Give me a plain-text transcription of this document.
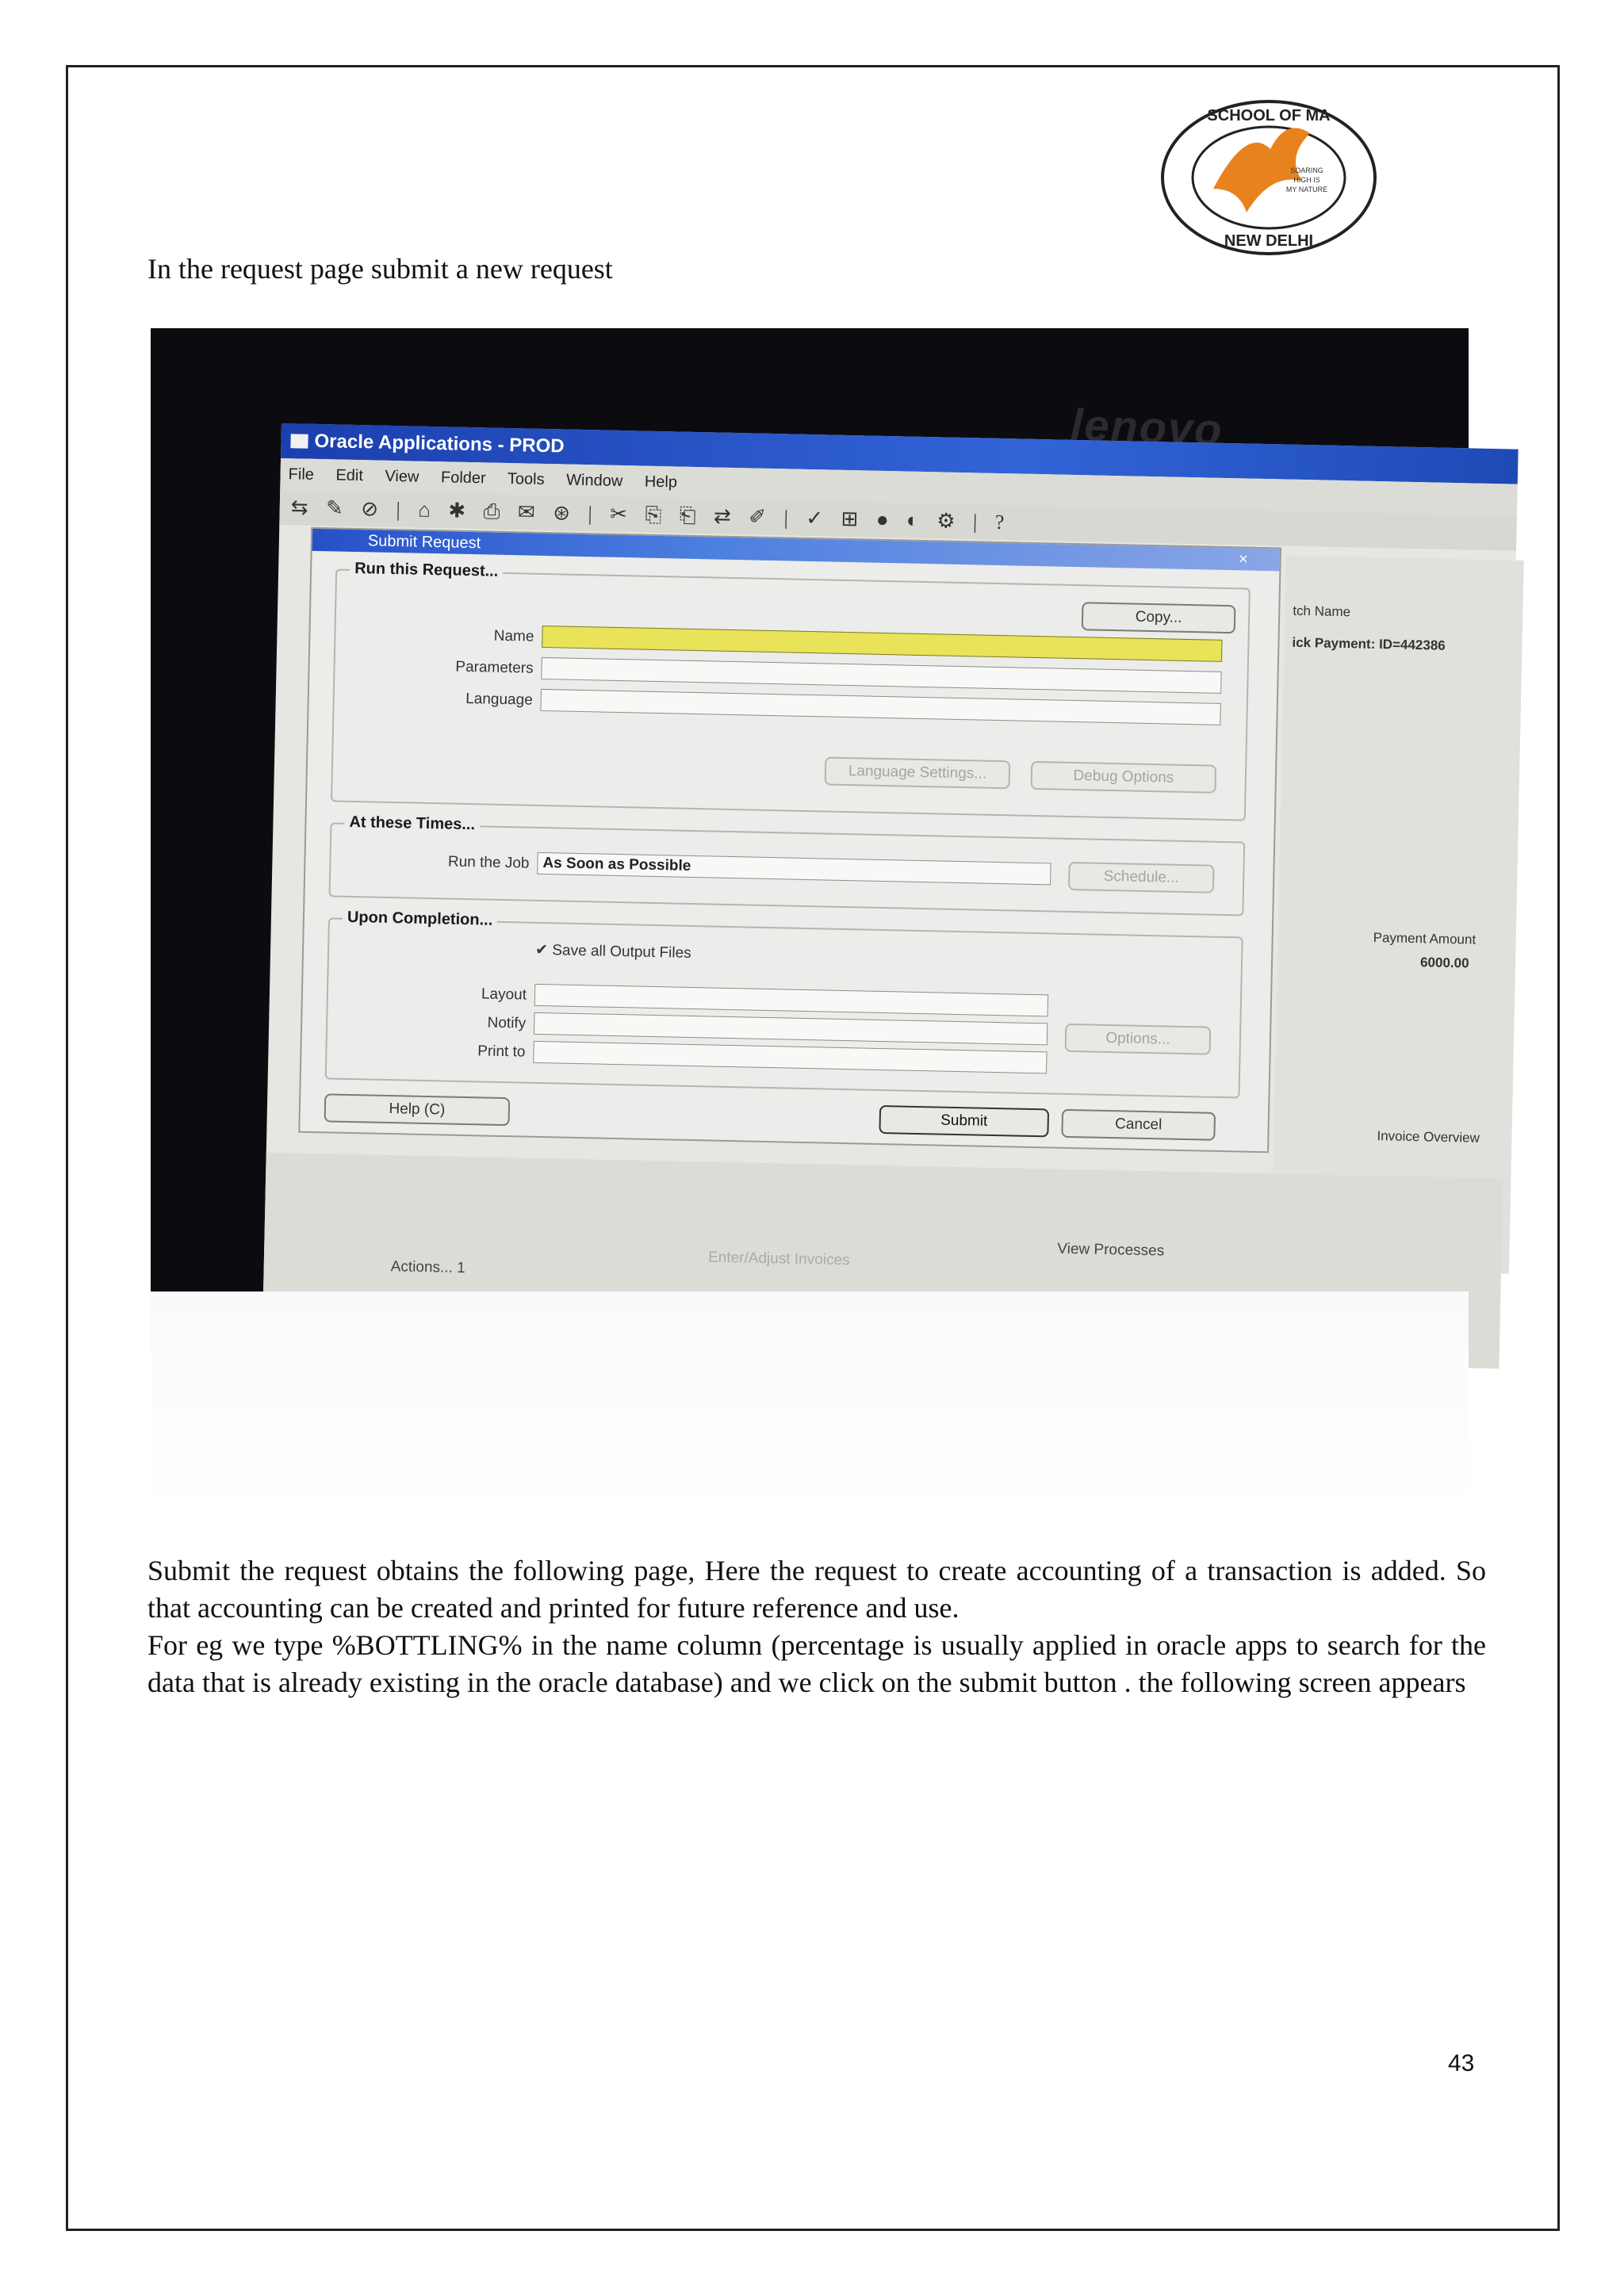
SCHOOL OF MA
NEW DELHI
SOARING
HIGH IS
MY NATURE
In the request page submit a new request
lenovo
Oracle Applications - PROD
File Edit View Folder Tools Window Help
⇆ ✎ ⊘ | ⌂ ✱ ⎙ ✉ ⊛ | ✂ ⎘ ⎗ ⇄ ✐ | ✓ ⊞ ● ◐ ⚙ | ?
Submit Request
×
Run this Request...
Copy...
Name
Parameters
Language
Language Settings...	Debug Options
At these Times...
Run the Job As Soon as Possible
Schedule...
Upon Completion...
✔ Save all Output Files
Layout
Notify
Print to
Options...
Help (C)
Submit	Cancel
tch Name
ick Payment: ID=442386
Payment Amount
6000.00
Invoice Overview
Actions... 1	Enter/Adjust Invoices	View Processes

Submit the request obtains the following page, Here the request to create accounting of a transaction is added. So that accounting can be created and printed for future reference and use.

For eg we type %BOTTLING% in the name column (percentage is usually applied in oracle apps to search for the data that is already existing in the oracle database) and we click on the submit button . the following screen appears

43
